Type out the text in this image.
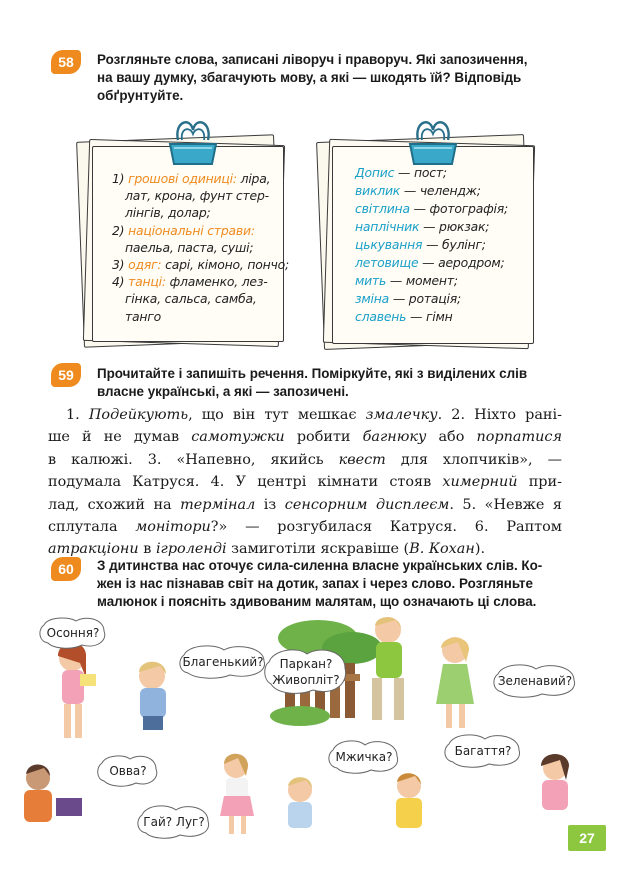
58	Розгляньте слова, записані ліворуч і праворуч. Які запозичення,
на вашу думку, збагачують мову, а які — шкодять їй? Відповідь
обґрунтуйте.
1) грошові одиниці: ліра,
лат, крона, фунт стер-
лінгів, долар;
2) національні страви:
паельа, паста, суші;
3) одяг: сарі, кімоно, пончо;
4) танці: фламенко, лез-
гінка, сальса, самба,
танго
Допис — пост;
виклик — челендж;
світлина — фотографія;
наплічник — рюкзак;
цькування — булінг;
летовище — аеродром;
мить — момент;
зміна — ротація;
славень — гімн
59	Прочитайте і запишіть речення. Поміркуйте, які з виділених слів
власне українські, а які — запозичені.
1. Подейкують, що він тут мешкає змалечку. 2. Ніхто рані-
ше й не думав самотужки робити багнюку або порпатися
в калюжі. 3. «Напевно, якийсь квест для хлопчиків», —
подумала Катруся. 4. У центрі кімнати стояв химерний при-
лад, схожий на термінал із сенсорним дисплеєм. 5. «Невже я
сплутала монітори?» — розгубилася Катруся. 6. Раптом
атракціони в ігроленді замиготіли яскравіше (В. Кохан).
60	З дитинства нас оточує сила-силенна власне українських слів. Ко-
жен із нас пізнавав світ на дотик, запах і через слово. Розгляньте
малюнок і поясніть здивованим малятам, що означають ці слова.
Осоння?
Благенький?	Паркан?
Живопліт?	Зеленавий?
Овва?
Мжичка?	Багаття?
Гай? Луг?
27
